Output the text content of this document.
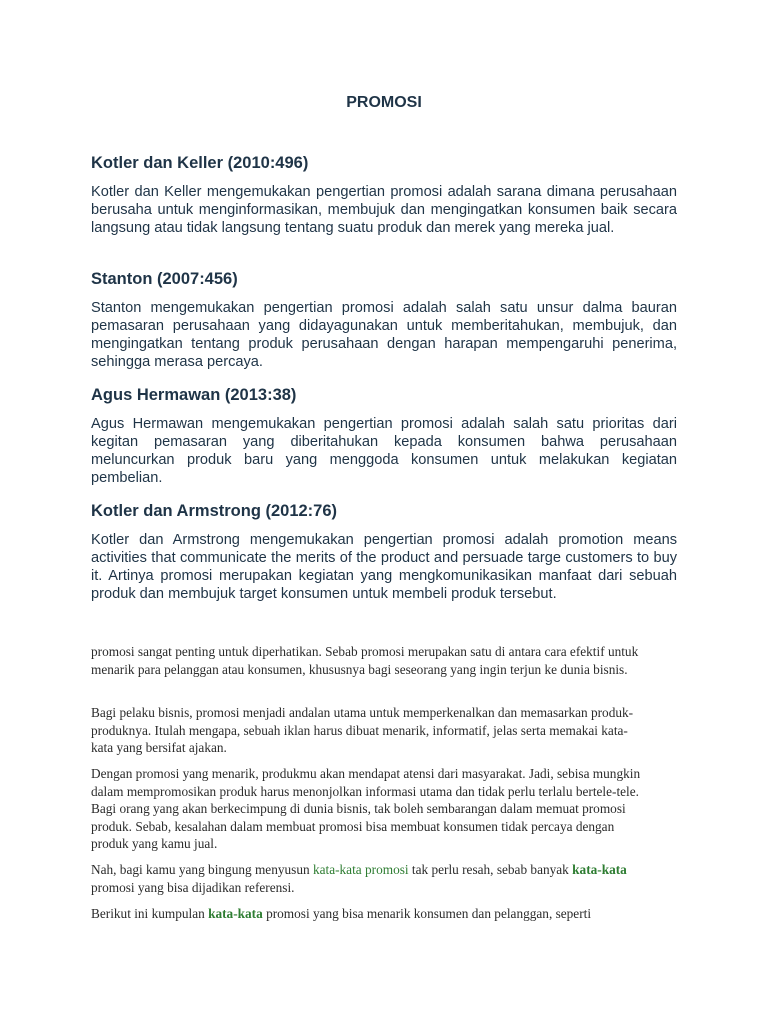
PROMOSI
Kotler dan Keller (2010:496)

Kotler dan Keller mengemukakan pengertian promosi adalah sarana dimana perusahaan berusaha untuk menginformasikan, membujuk dan mengingatkan konsumen baik secara langsung atau tidak langsung tentang suatu produk dan merek yang mereka jual.

Stanton (2007:456)

Stanton mengemukakan pengertian promosi adalah salah satu unsur dalma bauran pemasaran perusahaan yang didayagunakan untuk memberitahukan, membujuk, dan mengingatkan tentang produk perusahaan dengan harapan mempengaruhi penerima, sehingga merasa percaya.

Agus Hermawan (2013:38)

Agus Hermawan mengemukakan pengertian promosi adalah salah satu prioritas dari kegitan pemasaran yang diberitahukan kepada konsumen bahwa perusahaan meluncurkan produk baru yang menggoda konsumen untuk melakukan kegiatan pembelian.

Kotler dan Armstrong (2012:76)

Kotler dan Armstrong mengemukakan pengertian promosi adalah promotion means activities that communicate the merits of the product and persuade targe customers to buy it. Artinya promosi merupakan kegiatan yang mengkomunikasikan manfaat dari sebuah produk dan membujuk target konsumen untuk membeli produk tersebut.

promosi sangat penting untuk diperhatikan. Sebab promosi merupakan satu di antara cara efektif untuk menarik para pelanggan atau konsumen, khususnya bagi seseorang yang ingin terjun ke dunia bisnis.

Bagi pelaku bisnis, promosi menjadi andalan utama untuk memperkenalkan dan memasarkan produk-produknya. Itulah mengapa, sebuah iklan harus dibuat menarik, informatif, jelas serta memakai kata-kata yang bersifat ajakan.

Dengan promosi yang menarik, produkmu akan mendapat atensi dari masyarakat. Jadi, sebisa mungkin dalam mempromosikan produk harus menonjolkan informasi utama dan tidak perlu terlalu bertele-tele. Bagi orang yang akan berkecimpung di dunia bisnis, tak boleh sembarangan dalam memuat promosi produk. Sebab, kesalahan dalam membuat promosi bisa membuat konsumen tidak percaya dengan produk yang kamu jual.

Nah, bagi kamu yang bingung menyusun kata-kata promosi tak perlu resah, sebab banyak kata-kata promosi yang bisa dijadikan referensi.

Berikut ini kumpulan kata-kata promosi yang bisa menarik konsumen dan pelanggan, seperti
